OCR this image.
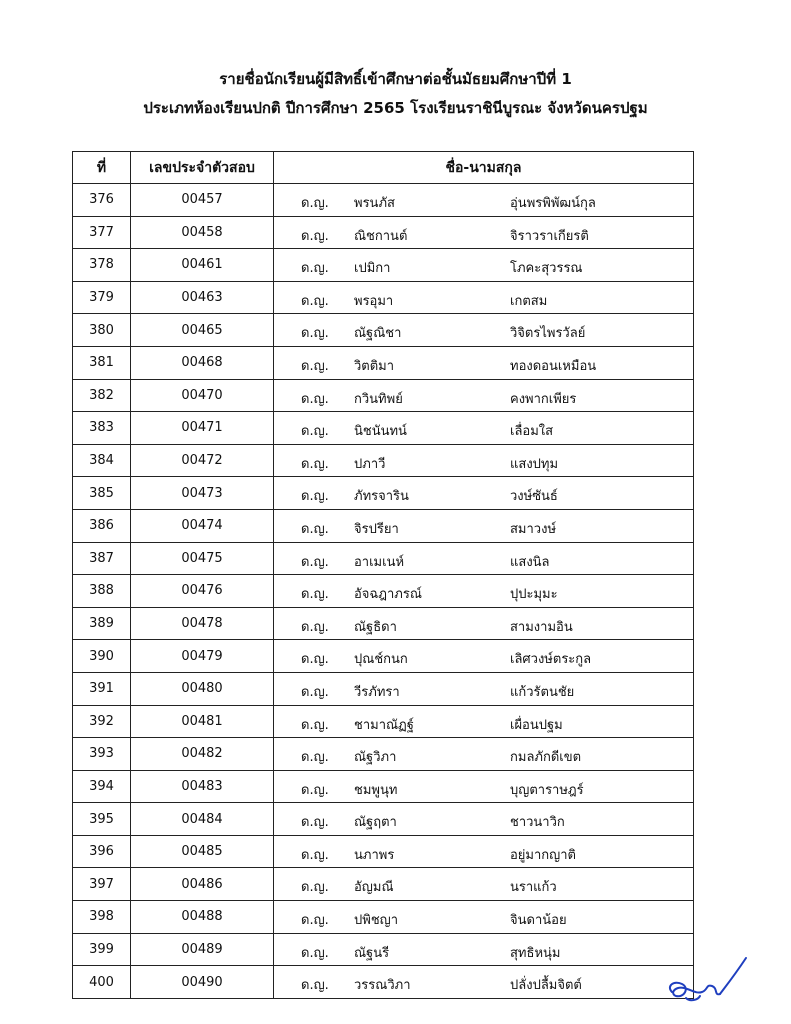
รายชื่อนักเรียนผู้มีสิทธิ์เข้าศึกษาต่อชั้นมัธยมศึกษาปีที่ 1
ประเภทห้องเรียนปกติ ปีการศึกษา 2565 โรงเรียนราชินีบูรณะ จังหวัดนครปฐม
ที่	เลขประจำตัวสอบ	ชื่อ-นามสกุล
376	00457	ด.ญ. พรนภัส อุ่นพรพิพัฒน์กุล

377	00458	ด.ญ. ณิชกานต์ จิราวราเกียรติ

378	00461	ด.ญ. เปมิกา โภคะสุวรรณ

379	00463	ด.ญ. พรอุมา เกตสม

380	00465	ด.ญ. ณัฐณิชา วิจิตรไพรวัลย์

381	00468	ด.ญ. วิตติมา ทองดอนเหมือน

382	00470	ด.ญ. กวินทิพย์ คงพากเพียร

383	00471	ด.ญ. นิชนันทน์ เลื่อมใส

384	00472	ด.ญ. ปภาวี แสงปทุม

385	00473	ด.ญ. ภัทรจาริน วงษ์ซันธ์

386	00474	ด.ญ. จิรปรียา สมาวงษ์

387	00475	ด.ญ. อาเมเนห์ แสงนิล

388	00476	ด.ญ. อัจฉฎาภรณ์ ปุปะมุมะ

389	00478	ด.ญ. ณัฐธิดา สามงามอิน

390	00479	ด.ญ. ปุณช์กนก เลิศวงษ์ตระกูล

391	00480	ด.ญ. วีรภัทรา แก้วรัตนชัย

392	00481	ด.ญ. ชามาณัฏฐ์ เผื่อนปฐม

393	00482	ด.ญ. ณัฐวิภา กมลภักดีเขต

394	00483	ด.ญ. ชมพูนุท บุญตาราษฎร์

395	00484	ด.ญ. ณัฐฤตา ชาวนาวิก

396	00485	ด.ญ. นภาพร อยู่มากญาติ

397	00486	ด.ญ. อัญมณี นราแก้ว

398	00488	ด.ญ. ปพิชญา จินดาน้อย

399	00489	ด.ญ. ณัฐนรี สุทธิหนุ่ม

400	00490	ด.ญ. วรรณวิภา ปลั่งปลื้มจิตต์
